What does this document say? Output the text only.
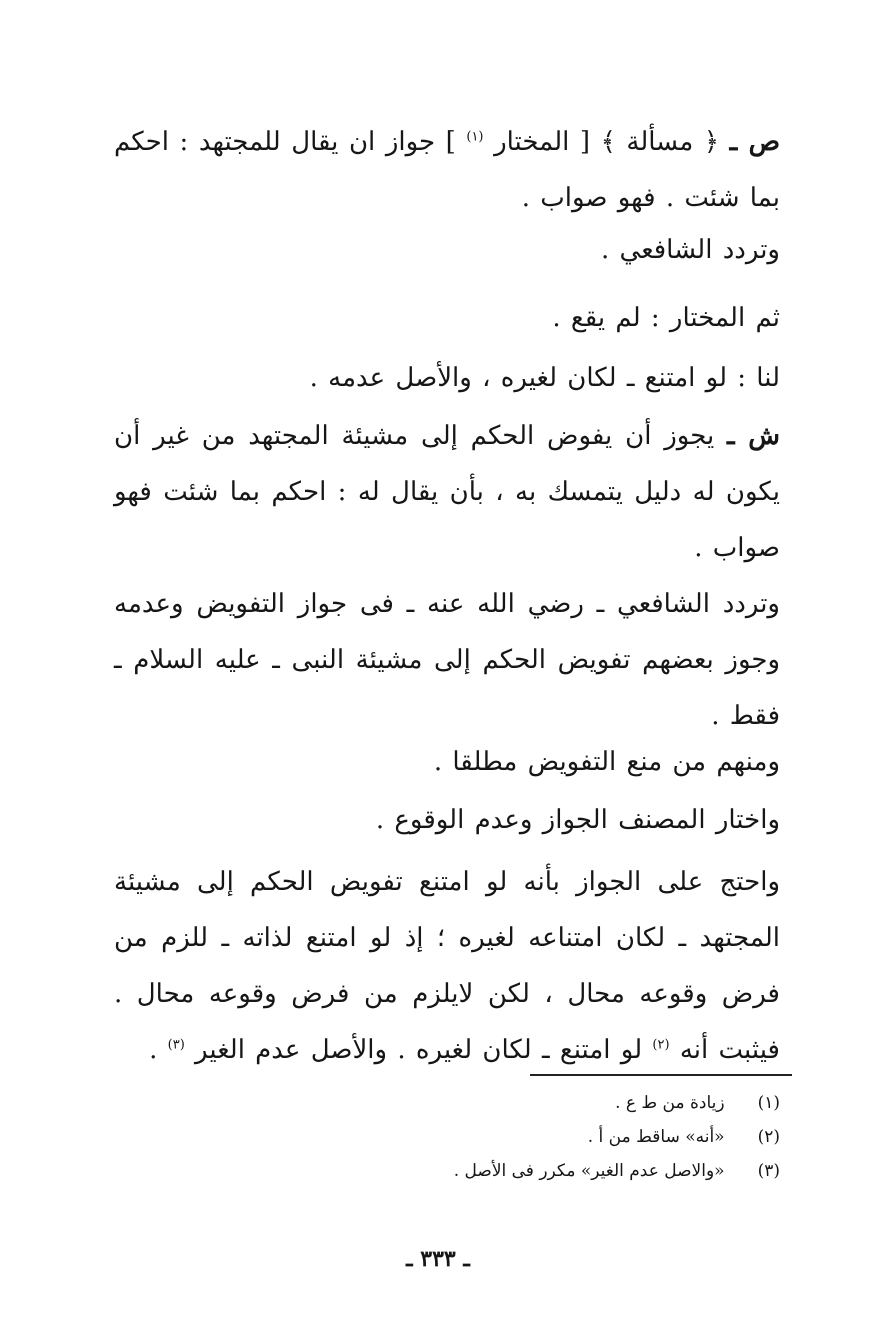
ص ـ ﴿ مسألة ﴾ [ المختار $^{(١)}$ ] جواز ان يقال للمجتهد : احكم بما شئت . فهو صواب .

وتردد الشافعي .

ثم المختار : لم يقع .

لنا : لو امتنع ـ لكان لغيره ، والأصل عدمه .

ش ـ يجوز أن يفوض الحكم إلى مشيئة المجتهد من غير أن يكون له دليل يتمسك به ، بأن يقال له : احكم بما شئت فهو صواب .

وتردد الشافعي ـ رضي الله عنه ـ فى جواز التفويض وعدمه وجوز بعضهم تفويض الحكم إلى مشيئة النبى ـ عليه السلام ـ فقط .

ومنهم من منع التفويض مطلقا .

واختار المصنف الجواز وعدم الوقوع .

واحتج على الجواز بأنه لو امتنع تفويض الحكم إلى مشيئة المجتهد ـ لكان امتناعه لغيره ؛ إذ لو امتنع لذاته ـ للزم من فرض وقوعه محال ، لكن لايلزم من فرض وقوعه محال . فيثبت أنه $^{(٢)}$ لو امتنع ـ لكان لغيره . والأصل عدم الغير $^{(٣)}$ .

(١) زيادة من ط ع .
(٢) «أنه» ساقط من أ .
(٣) «والاصل عدم الغير» مكرر فى الأصل .
ـ ٣٣٣ ـ
